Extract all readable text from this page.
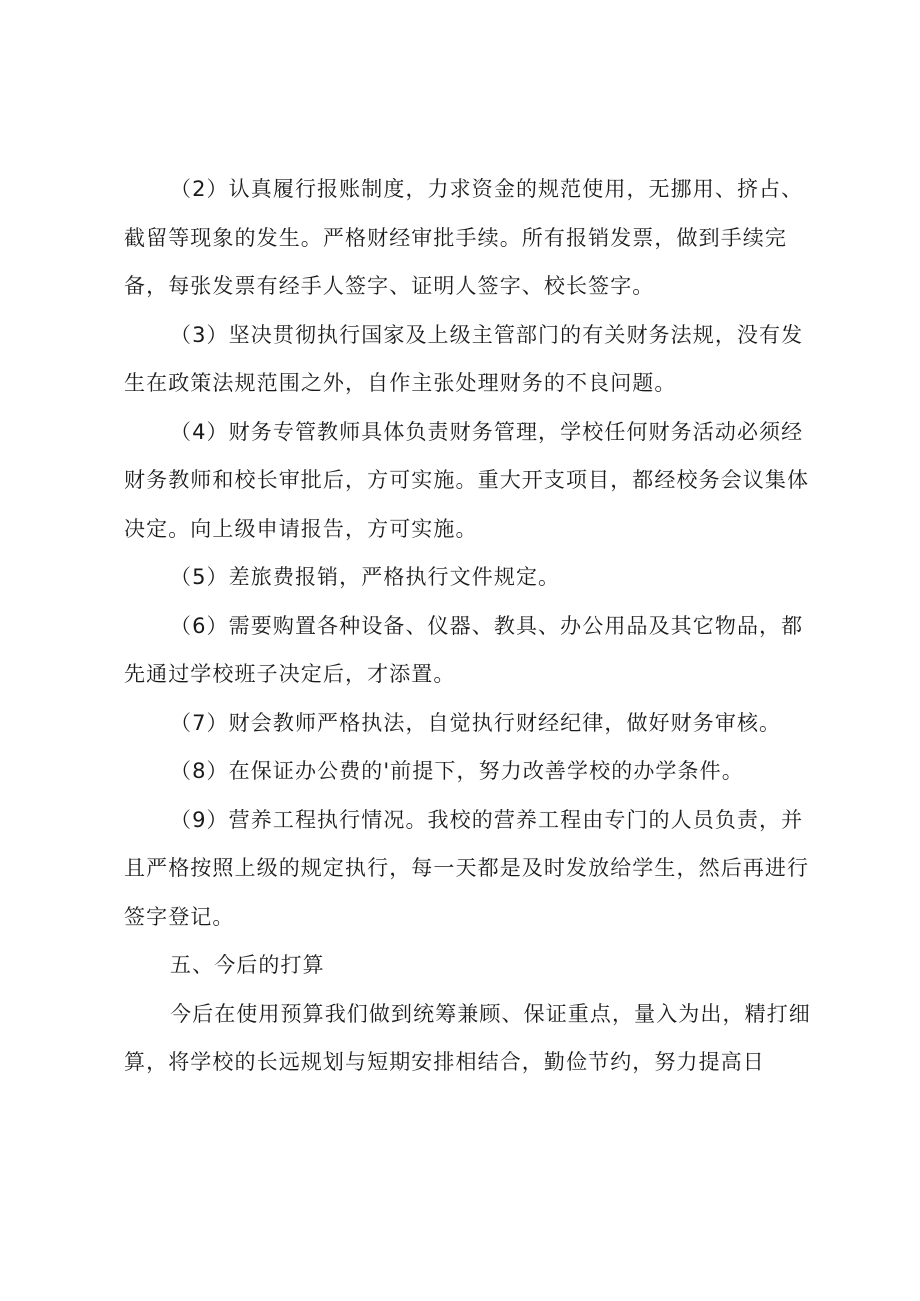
（2）认真履行报账制度，力求资金的规范使用，无挪用、挤占、截留等现象的发生。严格财经审批手续。所有报销发票，做到手续完备，每张发票有经手人签字、证明人签字、校长签字。

（3）坚决贯彻执行国家及上级主管部门的有关财务法规，没有发生在政策法规范围之外，自作主张处理财务的不良问题。

（4）财务专管教师具体负责财务管理，学校任何财务活动必须经财务教师和校长审批后，方可实施。重大开支项目，都经校务会议集体决定。向上级申请报告，方可实施。

（5）差旅费报销，严格执行文件规定。

（6）需要购置各种设备、仪器、教具、办公用品及其它物品，都先通过学校班子决定后，才添置。

（7）财会教师严格执法，自觉执行财经纪律，做好财务审核。

（8）在保证办公费的'前提下，努力改善学校的办学条件。

（9）营养工程执行情况。我校的营养工程由专门的人员负责，并且严格按照上级的规定执行，每一天都是及时发放给学生，然后再进行签字登记。

五、今后的打算

今后在使用预算我们做到统筹兼顾、保证重点，量入为出，精打细算，将学校的长远规划与短期安排相结合，勤俭节约，努力提高日
